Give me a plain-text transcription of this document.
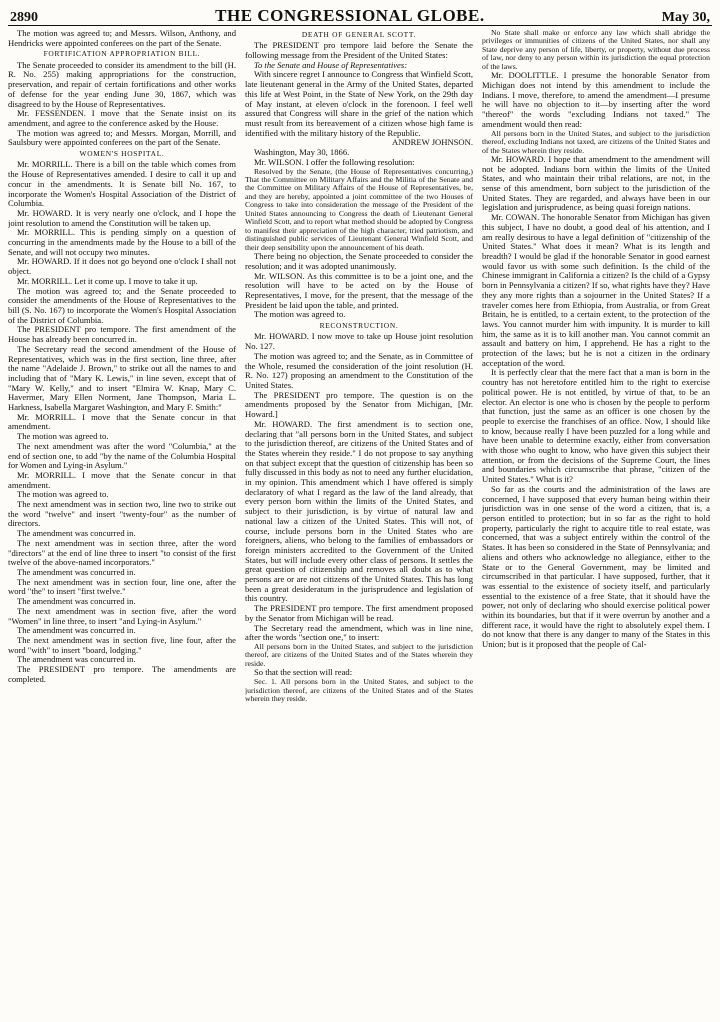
2890	THE CONGRESSIONAL GLOBE.	May 30,

The motion was agreed to; and Messrs. Wilson, Anthony, and Hendricks were appointed conferees on the part of the Senate.

FORTIFICATION APPROPRIATION BILL.

The Senate proceeded to consider its amendment to the bill (H. R. No. 255) making appropriations for the construction, preservation, and repair of certain fortifications and other works of defense for the year ending June 30, 1867, which was disagreed to by the House of Representatives.

Mr. FESSENDEN. I move that the Senate insist on its amendment, and agree to the conference asked by the House.

The motion was agreed to; and Messrs. Morgan, Morrill, and Saulsbury were appointed conferees on the part of the Senate.

WOMEN'S HOSPITAL.

Mr. MORRILL. There is a bill on the table which comes from the House of Representatives amended. I desire to call it up and concur in the amendments. It is Senate bill No. 167, to incorporate the Women's Hospital Association of the District of Columbia.

Mr. HOWARD. It is very nearly one o'clock, and I hope the joint resolution to amend the Constitution will be taken up.

Mr. MORRILL. This is pending simply on a question of concurring in the amendments made by the House to a bill of the Senate, and will not occupy two minutes.

Mr. HOWARD. If it does not go beyond one o'clock I shall not object.

Mr. MORRILL. Let it come up. I move to take it up.

The motion was agreed to; and the Senate proceeded to consider the amendments of the House of Representatives to the bill (S. No. 167) to incorporate the Women's Hospital Association of the District of Columbia.

The PRESIDENT pro tempore. The first amendment of the House has already been concurred in.

The Secretary read the second amendment of the House of Representatives, which was in the first section, line three, after the name "Adelaide J. Brown," to strike out all the names to and including that of "Mary K. Lewis," in line seven, except that of "Mary W. Kelly," and to insert "Elmira W. Knap, Mary C. Havermer, Mary Ellen Norment, Jane Thompson, Maria L. Harkness, Isabella Margaret Washington, and Mary F. Smith:"

Mr. MORRILL. I move that the Senate concur in that amendment.

The motion was agreed to.

The next amendment was after the word "Columbia," at the end of section one, to add "by the name of the Columbia Hospital for Women and Lying-in Asylum."

Mr. MORRILL. I move that the Senate concur in that amendment.

The motion was agreed to.

The next amendment was in section two, line two to strike out the word "twelve" and insert "twenty-four" as the number of directors.

The amendment was concurred in.

The next amendment was in section three, after the word "directors" at the end of line three to insert "to consist of the first twelve of the above-named incorporators."

The amendment was concurred in.

The next amendment was in section four, line one, after the word "the" to insert "first twelve."

The amendment was concurred in.

The next amendment was in section five, after the word "Women" in line three, to insert "and Lying-in Asylum."

The amendment was concurred in.

The next amendment was in section five, line four, after the word "with" to insert "board, lodging."

The amendment was concurred in.

The PRESIDENT pro tempore. The amendments are completed.

DEATH OF GENERAL SCOTT.

The PRESIDENT pro tempore laid before the Senate the following message from the President of the United States:

To the Senate and House of Representatives:

With sincere regret I announce to Congress that Winfield Scott, late lieutenant general in the Army of the United States, departed this life at West Point, in the State of New York, on the 29th day of May instant, at eleven o'clock in the forenoon. I feel well assured that Congress will share in the grief of the nation which must result from its bereavement of a citizen whose high fame is identified with the military history of the Republic.

ANDREW JOHNSON.

Washington, May 30, 1866.

Mr. WILSON. I offer the following resolution:

Resolved by the Senate, (the House of Representatives concurring,) That the Committee on Military Affairs and the Militia of the Senate and the Committee on Military Affairs of the House of Representatives, be, and they are hereby, appointed a joint committee of the two Houses of Congress to take into consideration the message of the President of the United States announcing to Congress the death of Lieutenant General Winfield Scott, and to report what method should be adopted by Congress to manifest their appreciation of the high character, tried patriotism, and distinguished public services of Lieutenant General Winfield Scott, and their deep sensibility upon the announcement of his death.

There being no objection, the Senate proceeded to consider the resolution; and it was adopted unanimously.

Mr. WILSON. As this committee is to be a joint one, and the resolution will have to be acted on by the House of Representatives, I move, for the present, that the message of the President be laid upon the table, and printed.

The motion was agreed to.

RECONSTRUCTION.

Mr. HOWARD. I now move to take up House joint resolution No. 127.

The motion was agreed to; and the Senate, as in Committee of the Whole, resumed the consideration of the joint resolution (H. R. No. 127) proposing an amendment to the Constitution of the United States.

The PRESIDENT pro tempore. The question is on the amendments proposed by the Senator from Michigan, [Mr. Howard.]

Mr. HOWARD. The first amendment is to section one, declaring that "all persons born in the United States, and subject to the jurisdiction thereof, are citizens of the United States and of the States wherein they reside." I do not propose to say anything on that subject except that the question of citizenship has been so fully discussed in this body as not to need any further elucidation, in my opinion. This amendment which I have offered is simply declaratory of what I regard as the law of the land already, that every person born within the limits of the United States, and subject to their jurisdiction, is by virtue of natural law and national law a citizen of the United States. This will not, of course, include persons born in the United States who are foreigners, aliens, who belong to the families of embassadors or foreign ministers accredited to the Government of the United States, but will include every other class of persons. It settles the great question of citizenship and removes all doubt as to what persons are or are not citizens of the United States. This has long been a great desideratum in the jurisprudence and legislation of this country.

The PRESIDENT pro tempore. The first amendment proposed by the Senator from Michigan will be read.

The Secretary read the amendment, which was in line nine, after the words "section one," to insert:

All persons born in the United States, and subject to the jurisdiction thereof, are citizens of the United States and of the States wherein they reside.

So that the section will read:

Sec. 1. All persons born in the United States, and subject to the jurisdiction thereof, are citizens of the United States and of the States wherein they reside.

No State shall make or enforce any law which shall abridge the privileges or immunities of citizens of the United States, nor shall any State deprive any person of life, liberty, or property, without due process of law, nor deny to any person within its jurisdiction the equal protection of the laws.

Mr. DOOLITTLE. I presume the honorable Senator from Michigan does not intend by this amendment to include the Indians. I move, therefore, to amend the amendment—I presume he will have no objection to it—by inserting after the word "thereof" the words "excluding Indians not taxed." The amendment would then read:

All persons born in the United States, and subject to the jurisdiction thereof, excluding Indians not taxed, are citizens of the United States and of the States wherein they reside.

Mr. HOWARD. I hope that amendment to the amendment will not be adopted. Indians born within the limits of the United States, and who maintain their tribal relations, are not, in the sense of this amendment, born subject to the jurisdiction of the United States. They are regarded, and always have been in our legislation and jurisprudence, as being quasi foreign nations.

Mr. COWAN. The honorable Senator from Michigan has given this subject, I have no doubt, a good deal of his attention, and I am really desirous to have a legal definition of "citizenship of the United States." What does it mean? What is its length and breadth? I would be glad if the honorable Senator in good earnest would favor us with some such definition. Is the child of the Chinese immigrant in California a citizen? Is the child of a Gypsy born in Pennsylvania a citizen? If so, what rights have they? Have they any more rights than a sojourner in the United States? If a traveler comes here from Ethiopia, from Australia, or from Great Britain, he is entitled, to a certain extent, to the protection of the laws. You cannot murder him with impunity. It is murder to kill him, the same as it is to kill another man. You cannot commit an assault and battery on him, I apprehend. He has a right to the protection of the laws; but he is not a citizen in the ordinary acceptation of the word.

It is perfectly clear that the mere fact that a man is born in the country has not heretofore entitled him to the right to exercise political power. He is not entitled, by virtue of that, to be an elector. An elector is one who is chosen by the people to perform that function, just the same as an officer is one chosen by the people to exercise the franchises of an office. Now, I should like to know, because really I have been puzzled for a long while and have been unable to determine exactly, either from conversation with those who ought to know, who have given this subject their attention, or from the decisions of the Supreme Court, the lines and boundaries which circumscribe that phrase, "citizen of the United States." What is it?

So far as the courts and the administration of the laws are concerned, I have supposed that every human being within their jurisdiction was in one sense of the word a citizen, that is, a person entitled to protection; but in so far as the right to hold property, particularly the right to acquire title to real estate, was concerned, that was a subject entirely within the control of the States. It has been so considered in the State of Pennsylvania; and aliens and others who acknowledge no allegiance, either to the State or to the General Government, may be limited and circumscribed in that particular. I have supposed, further, that it was essential to the existence of society itself, and particularly essential to the existence of a free State, that it should have the power, not only of declaring who should exercise political power within its boundaries, but that if it were overrun by another and a different race, it would have the right to absolutely expel them. I do not know that there is any danger to many of the States in this Union; but is it proposed that the people of Cal-
